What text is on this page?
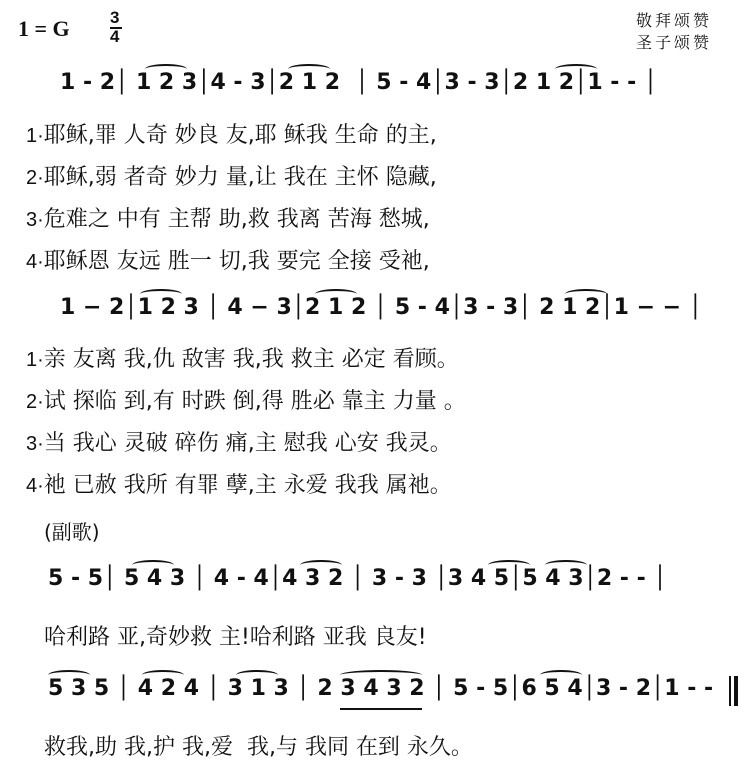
1 = G 3
4
敬拜颂赞
圣子颂赞
1 - 2│ 1 2 3│4 - 3│2 1 2  │ 5 - 4│3 - 3│2 1 2│1 - - │
1·耶稣,罪 人奇 妙良 友,耶 稣我 生命 的主,
2·耶稣,弱 者奇 妙力 量,让 我在 主怀 隐藏,
3·危难之 中有 主帮 助,救 我离 苦海 愁城,
4·耶稣恩 友远 胜一 切,我 要完 全接 受祂,
1 − 2│1 2 3 │ 4 − 3│2 1 2 │ 5 - 4│3 - 3│ 2 1 2│1 − − │
1·亲 友离 我,仇 敌害 我,我 救主 必定 看顾。
2·试 探临 到,有 时跌 倒,得 胜必 靠主 力量 。
3·当 我心 灵破 碎伤 痛,主 慰我 心安 我灵。
4·祂 已赦 我所 有罪 孽,主 永爱 我我 属祂。
(副歌)
5 - 5│ 5 4 3 │ 4 - 4│4 3 2 │ 3 - 3 │3 4 5│5 4 3│2 - - │
哈利路 亚,奇妙救 主!哈利路 亚我 良友!
5 3 5 │ 4 2 4 │ 3 1 3 │ 2 3 4 3 2 │ 5 - 5│6 5 4│3 - 2│1 - -
救我,助 我,护 我,爱  我,与 我同 在到 永久。
